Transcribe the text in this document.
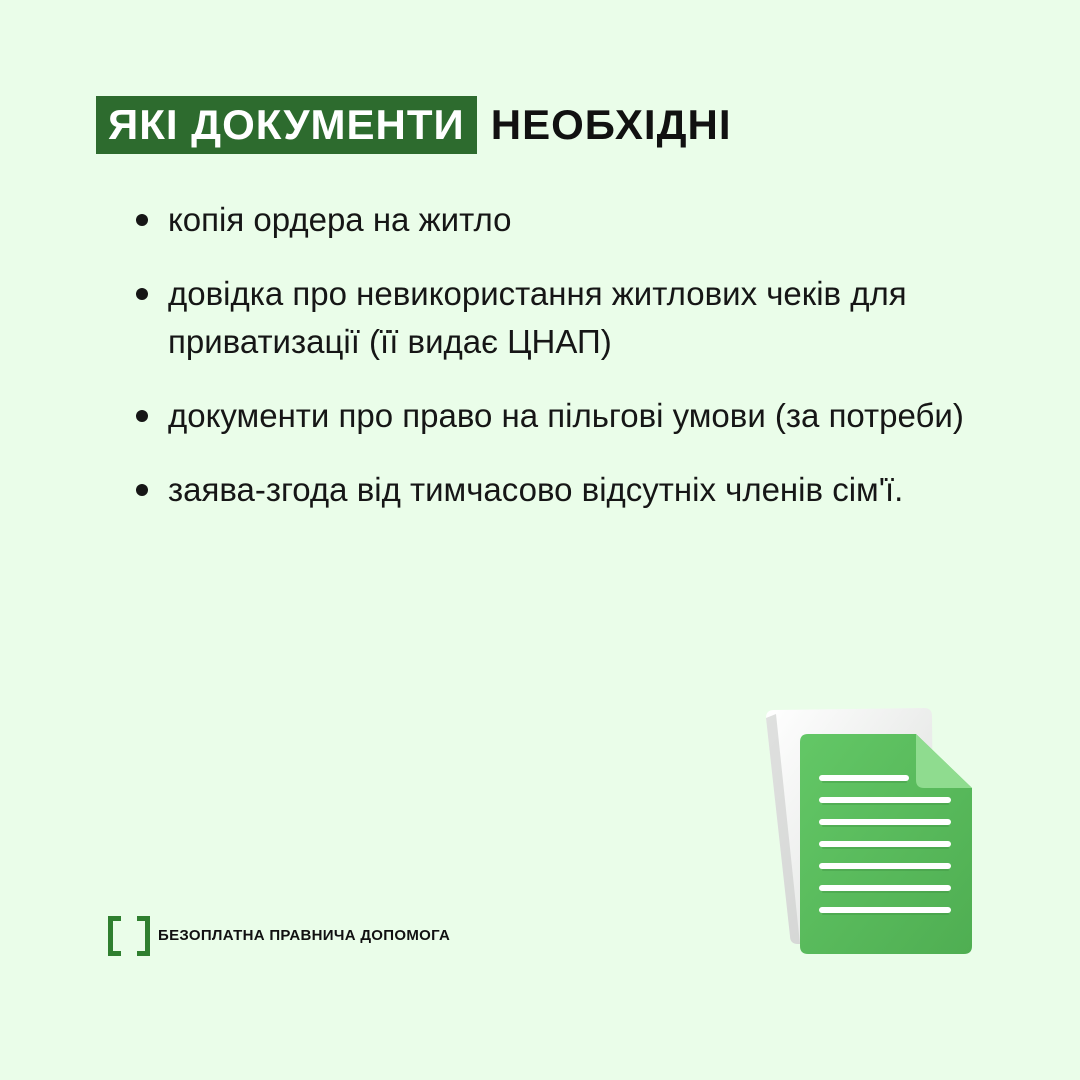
ЯКІ ДОКУМЕНТИ НЕОБХІДНІ
копія ордера на житло
довідка про невикористання житлових чеків для приватизації (її видає ЦНАП)
документи про право на пільгові умови (за потреби)
заява-згода від тимчасово відсутніх членів сім'ї.
БЕЗОПЛАТНА ПРАВНИЧА ДОПОМОГА
